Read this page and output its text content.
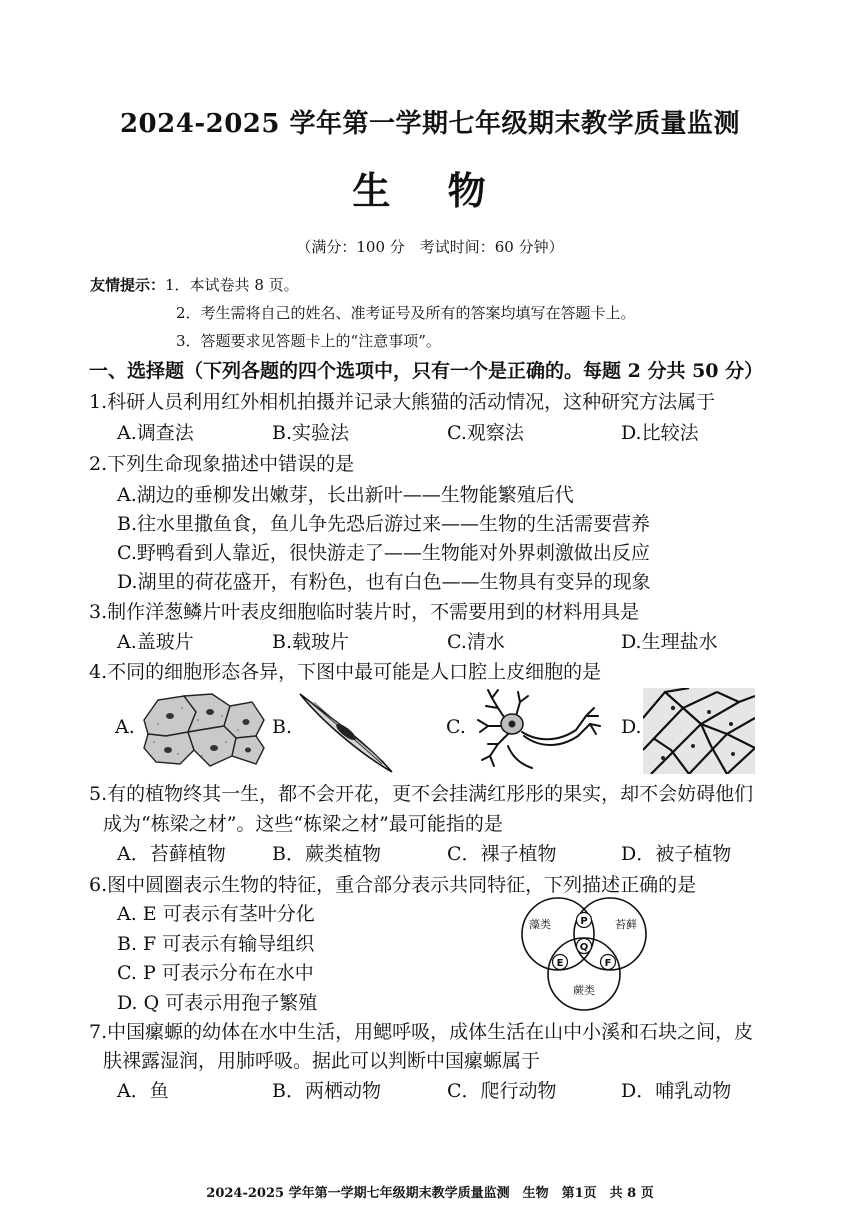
2024-2025 学年第一学期七年级期末教学质量监测
生 物
（满分：100 分　考试时间：60 分钟）
友情提示：1．本试卷共 8 页。
2．考生需将自己的姓名、准考证号及所有的答案均填写在答题卡上。
3．答题要求见答题卡上的“注意事项”。
一、选择题（下列各题的四个选项中，只有一个是正确的。每题 2 分共 50 分）
1.科研人员利用红外相机拍摄并记录大熊猫的活动情况，这种研究方法属于
A.调查法	B.实验法	C.观察法	D.比较法
2.下列生命现象描述中错误的是
A.湖边的垂柳发出嫩芽，长出新叶——生物能繁殖后代
B.往水里撒鱼食，鱼儿争先恐后游过来——生物的生活需要营养
C.野鸭看到人靠近，很快游走了——生物能对外界刺激做出反应
D.湖里的荷花盛开，有粉色，也有白色——生物具有变异的现象
3.制作洋葱鳞片叶表皮细胞临时装片时，不需要用到的材料用具是
A.盖玻片	B.载玻片	C.清水	D.生理盐水
4.不同的细胞形态各异，下图中最可能是人口腔上皮细胞的是
A.	B.	C.	D.
5.有的植物终其一生，都不会开花，更不会挂满红彤彤的果实，却不会妨碍他们
成为“栋梁之材”。这些“栋梁之材”最可能指的是
A．苔藓植物 B．蕨类植物	C．裸子植物	D．被子植物
6.图中圆圈表示生物的特征，重合部分表示共同特征，下列描述正确的是
A. E 可表示有茎叶分化
B. F 可表示有输导组织
C. P 可表示分布在水中
D. Q 可表示用孢子繁殖
藻类	苔藓
蕨类
P
Q
E	F
7.中国瘰螈的幼体在水中生活，用鳃呼吸，成体生活在山中小溪和石块之间，皮
肤裸露湿润，用肺呼吸。据此可以判断中国瘰螈属于
A．鱼	B．两栖动物	C．爬行动物	D．哺乳动物
2024-2025 学年第一学期七年级期末教学质量监测　生物　第1页　共 8 页
